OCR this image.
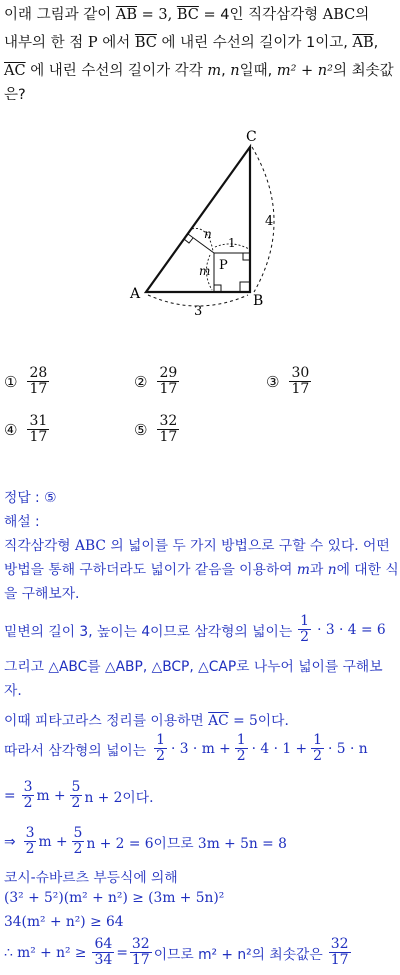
이래 그림과 같이 $\overline{AB} = 3$, $\overline{BC} = 4$인 직각삼각형 ABC의
내부의 한 점 P 에서 $\overline{BC}$ 에 내린 수선의 길이가 1이고, $\overline{AB}$,
$\overline{AC}$ 에 내린 수선의 길이가 각각 m, n일때, m² + n²의 최솟값
은?
C
A	B
P
4
3
1
n
m
① $\frac{28}{17}$	② $\frac{29}{17}$	③ $\frac{30}{17}$
④ $\frac{31}{17}$	⑤ $\frac{32}{17}$
정답 : ⑤
해설 :
직각삼각형 ABC 의 넓이를 두 가지 방법으로 구할 수 있다. 어떤 방법을 통해 구하더라도 넓이가 같음을 이용하여 m과 n에 대한 식을 구해보자.
밑변의 길이 3, 높이는 4이므로 삼각형의 넓이는 $\frac{1}{2} \cdot 3 \cdot 4 = 6$
그리고 △ABC를 △ABP, △BCP, △CAP로 나누어 넓이를 구해보자.
이때 피타고라스 정리를 이용하면 $\overline{AC} = 5$이다.
따라서 삼각형의 넓이는 $\frac{1}{2} \cdot 3 \cdot m + \frac{1}{2} \cdot 4 \cdot 1 + \frac{1}{2} \cdot 5 \cdot n$
= $\frac{3}{2}$ $m + \frac{5}{2}$ n + 2이다.
⇒ $\frac{3}{2}$ $m + \frac{5}{2}$ n + 2 = 6이므로 3m + 5n = 8
코시-슈바르츠 부등식에 의해
(3² + 5²)(m² + n²) ≥ (3m + 5n)²
34(m² + n²) ≥ 64
∴ $m^2 + n^2 \ge \frac{64}{34} = \frac{32}{17}$ 이므로 m² + n²의 최솟값은 $\frac{32}{17}$
